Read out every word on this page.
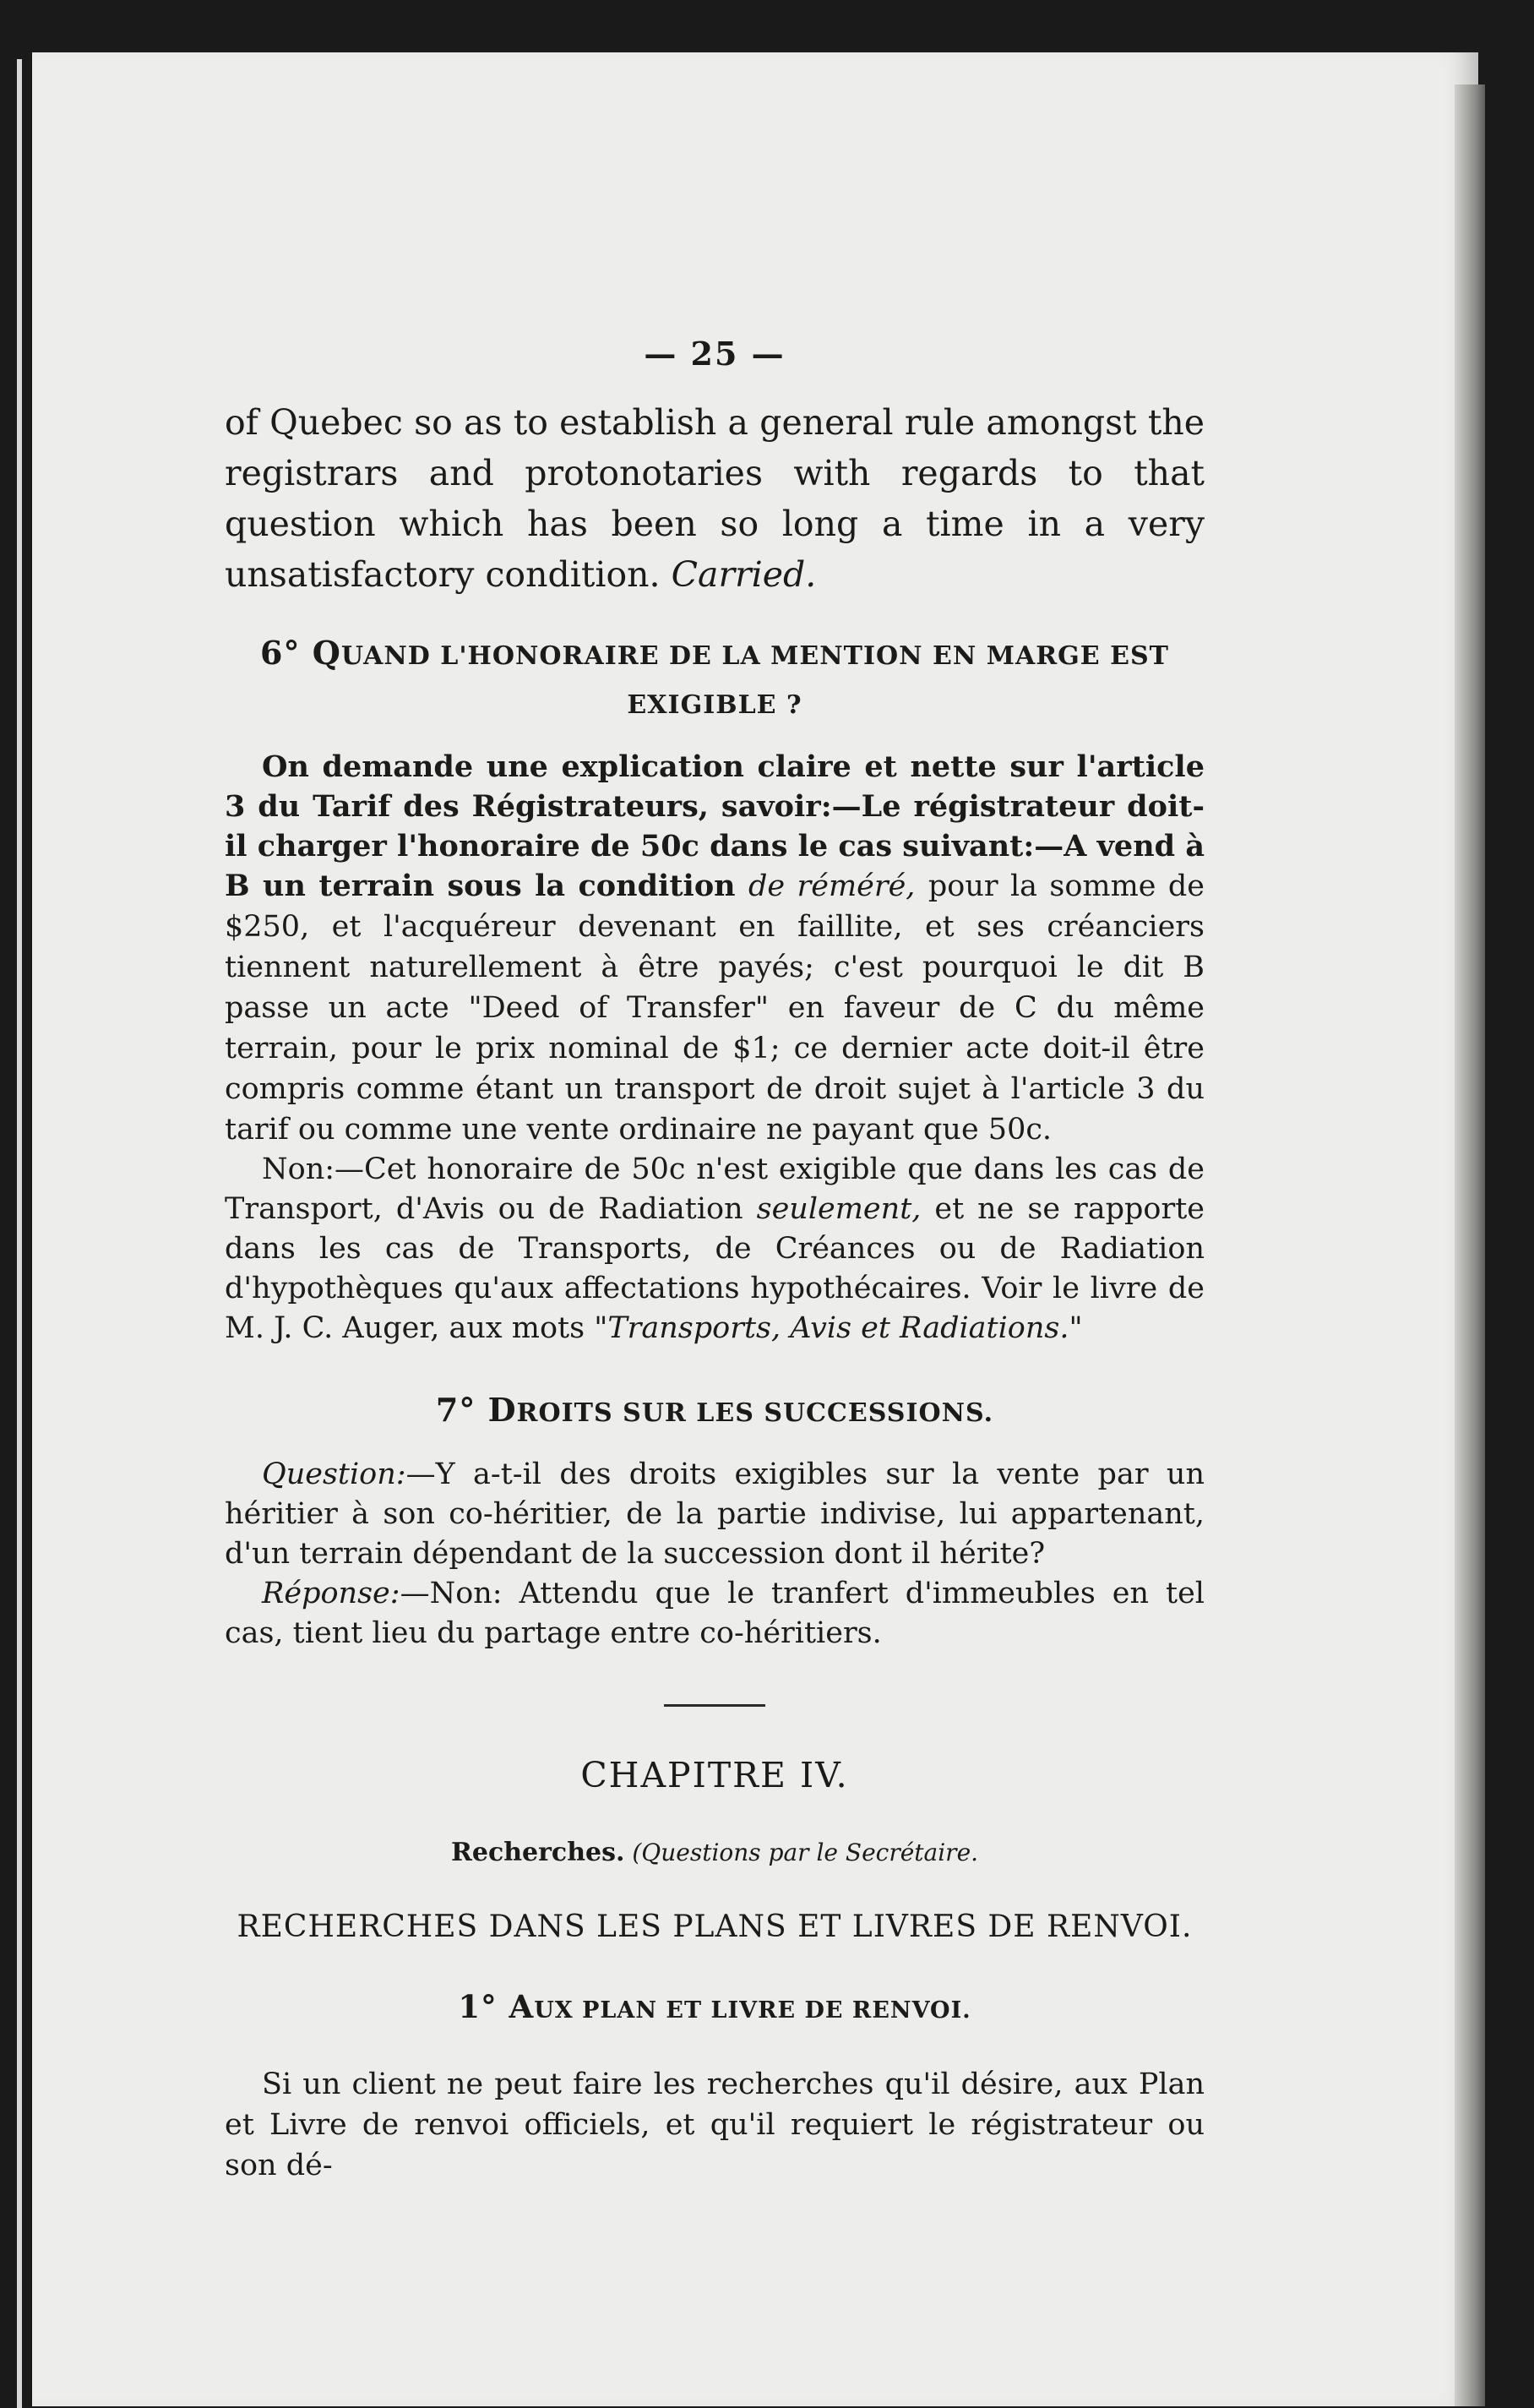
— 25 —

of Quebec so as to establish a general rule amongst the registrars and protonotaries with regards to that question which has been so long a time in a very unsatisfactory condition. Carried.

6° QUAND L'HONORAIRE DE LA MENTION EN MARGE EST EXIGIBLE ?

On demande une explication claire et nette sur l'article 3 du Tarif des Régistrateurs, savoir:—Le régistrateur doit-il charger l'honoraire de 50c dans le cas suivant:—A vend à B un terrain sous la condition de réméré, pour la somme de $250, et l'acquéreur devenant en faillite, et ses créanciers tiennent naturellement à être payés; c'est pourquoi le dit B passe un acte "Deed of Transfer" en faveur de C du même terrain, pour le prix nominal de $1; ce dernier acte doit-il être compris comme étant un transport de droit sujet à l'article 3 du tarif ou comme une vente ordinaire ne payant que 50c.

Non:—Cet honoraire de 50c n'est exigible que dans les cas de Transport, d'Avis ou de Radiation seulement, et ne se rapporte dans les cas de Transports, de Créances ou de Radiation d'hypothèques qu'aux affectations hypothécaires. Voir le livre de M. J. C. Auger, aux mots "Transports, Avis et Radiations."

7° DROITS SUR LES SUCCESSIONS.

Question:—Y a-t-il des droits exigibles sur la vente par un héritier à son co-héritier, de la partie indivise, lui appartenant, d'un terrain dépendant de la succession dont il hérite?

Réponse:—Non: Attendu que le tranfert d'immeubles en tel cas, tient lieu du partage entre co-héritiers.

CHAPITRE IV.
Recherches. (Questions par le Secrétaire.
RECHERCHES DANS LES PLANS ET LIVRES DE RENVOI.
1° AUX PLAN ET LIVRE DE RENVOI.

Si un client ne peut faire les recherches qu'il désire, aux Plan et Livre de renvoi officiels, et qu'il requiert le régistrateur ou son dé-
